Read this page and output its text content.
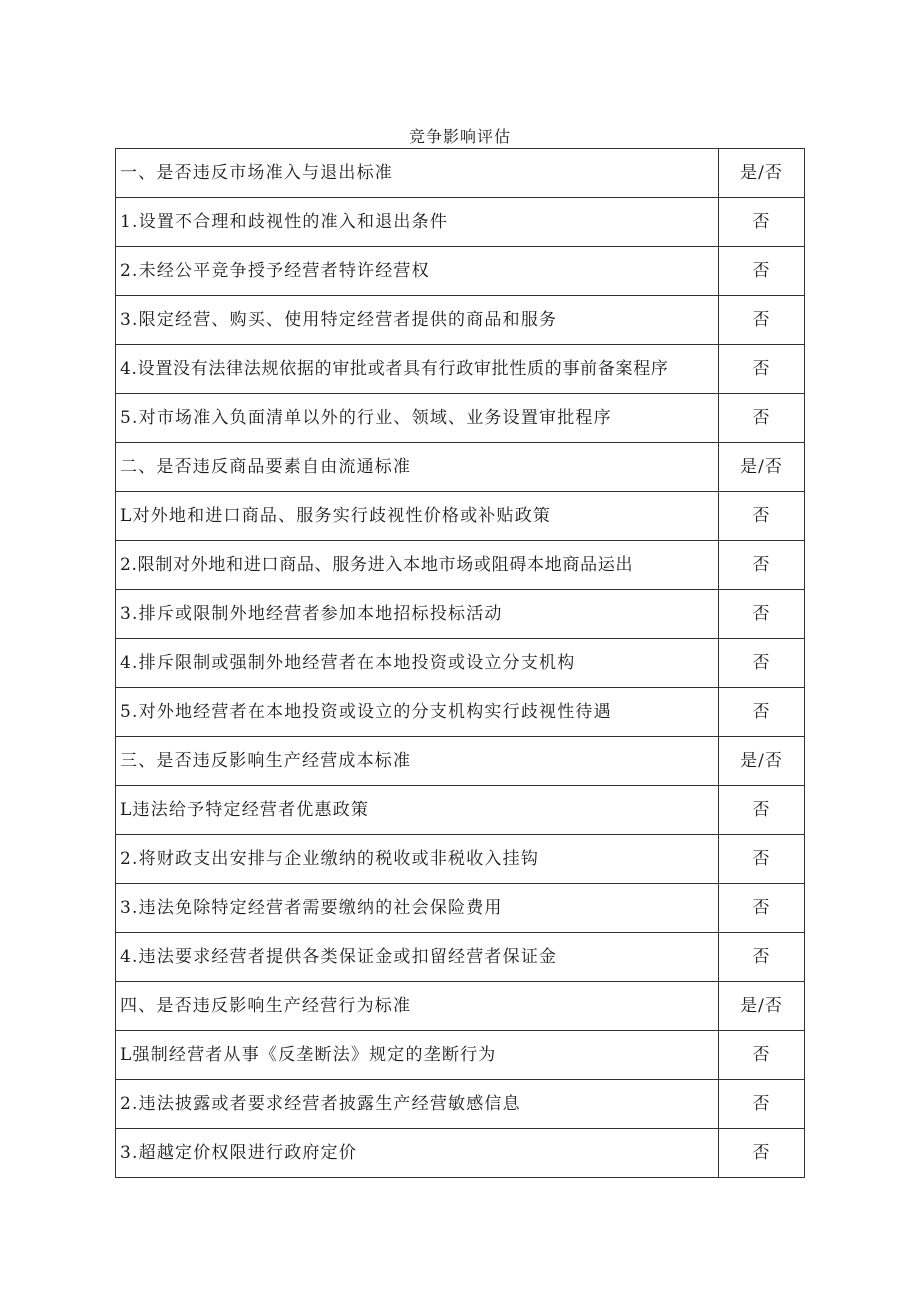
竞争影响评估
一、是否违反市场准入与退出标准	是/否
1.设置不合理和歧视性的准入和退出条件	否
2.未经公平竞争授予经营者特许经营权	否
3.限定经营、购买、使用特定经营者提供的商品和服务	否
4.设置没有法律法规依据的审批或者具有行政审批性质的事前备案程序	否
5.对市场准入负面清单以外的行业、领域、业务设置审批程序	否
二、是否违反商品要素自由流通标准	是/否
L对外地和进口商品、服务实行歧视性价格或补贴政策	否
2.限制对外地和进口商品、服务进入本地市场或阻碍本地商品运出	否
3.排斥或限制外地经营者参加本地招标投标活动	否
4.排斥限制或强制外地经营者在本地投资或设立分支机构	否
5.对外地经营者在本地投资或设立的分支机构实行歧视性待遇	否
三、是否违反影响生产经营成本标准	是/否
L违法给予特定经营者优惠政策	否
2.将财政支出安排与企业缴纳的税收或非税收入挂钩	否
3.违法免除特定经营者需要缴纳的社会保险费用	否
4.违法要求经营者提供各类保证金或扣留经营者保证金	否
四、是否违反影响生产经营行为标准	是/否
L强制经营者从事《反垄断法》规定的垄断行为	否
2.违法披露或者要求经营者披露生产经营敏感信息	否
3.超越定价权限进行政府定价	否
